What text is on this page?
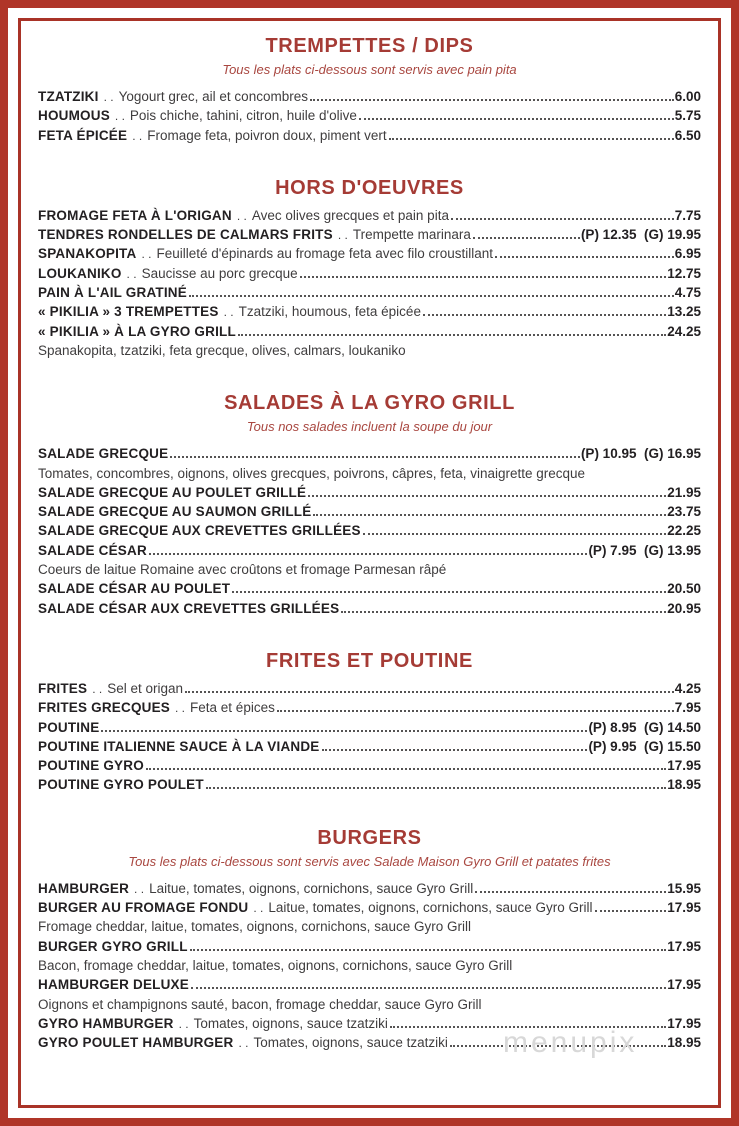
TREMPETTES / DIPS

Tous les plats ci-dessous sont servis avec pain pita

TZATZIKI . . Yogourt grec, ail et concombres	6.00
HOUMOUS . . Pois chiche, tahini, citron, huile d'olive	5.75
FETA ÉPICÉE . . Fromage feta, poivron doux, piment vert	6.50
HORS D'OEUVRES
FROMAGE FETA À L'ORIGAN . . Avec olives grecques et pain pita	7.75
TENDRES RONDELLES DE CALMARS FRITS . . Trempette marinara	(P) 12.35  (G) 19.95
SPANAKOPITA . . Feuilleté d'épinards au fromage feta avec filo croustillant	6.95
LOUKANIKO . . Saucisse au porc grecque	12.75
PAIN À L'AIL GRATINÉ	4.75
« PIKILIA » 3 TREMPETTES . . Tzatziki, houmous, feta épicée	13.25
« PIKILIA » À LA GYRO GRILL	24.25
Spanakopita, tzatziki, feta grecque, olives, calmars, loukaniko
SALADES À LA GYRO GRILL

Tous nos salades incluent la soupe du jour

SALADE GRECQUE	(P) 10.95  (G) 16.95
Tomates, concombres, oignons, olives grecques, poivrons, câpres, feta, vinaigrette grecque
SALADE GRECQUE AU POULET GRILLÉ	21.95
SALADE GRECQUE AU SAUMON GRILLÉ	23.75
SALADE GRECQUE AUX CREVETTES GRILLÉES	22.25
SALADE CÉSAR	(P) 7.95  (G) 13.95
Coeurs de laitue Romaine avec croûtons et fromage Parmesan râpé
SALADE CÉSAR AU POULET	20.50
SALADE CÉSAR AUX CREVETTES GRILLÉES	20.95
FRITES ET POUTINE
FRITES . . Sel et origan	4.25
FRITES GRECQUES . . Feta et épices	7.95
POUTINE	(P) 8.95  (G) 14.50
POUTINE ITALIENNE SAUCE À LA VIANDE	(P) 9.95  (G) 15.50
POUTINE GYRO	17.95
POUTINE GYRO POULET	18.95
BURGERS

Tous les plats ci-dessous sont servis avec Salade Maison Gyro Grill et patates frites

HAMBURGER . . Laitue, tomates, oignons, cornichons, sauce Gyro Grill	15.95
BURGER AU FROMAGE FONDU . . Laitue, tomates, oignons, cornichons, sauce Gyro Grill	17.95
Fromage cheddar, laitue, tomates, oignons, cornichons, sauce Gyro Grill
BURGER GYRO GRILL	17.95
Bacon, fromage cheddar, laitue, tomates, oignons, cornichons, sauce Gyro Grill
HAMBURGER DELUXE	17.95
Oignons et champignons sauté, bacon, fromage cheddar, sauce Gyro Grill
GYRO HAMBURGER . . Tomates, oignons, sauce tzatziki	17.95
GYRO POULET HAMBURGER . . Tomates, oignons, sauce tzatziki	18.95
menupix
